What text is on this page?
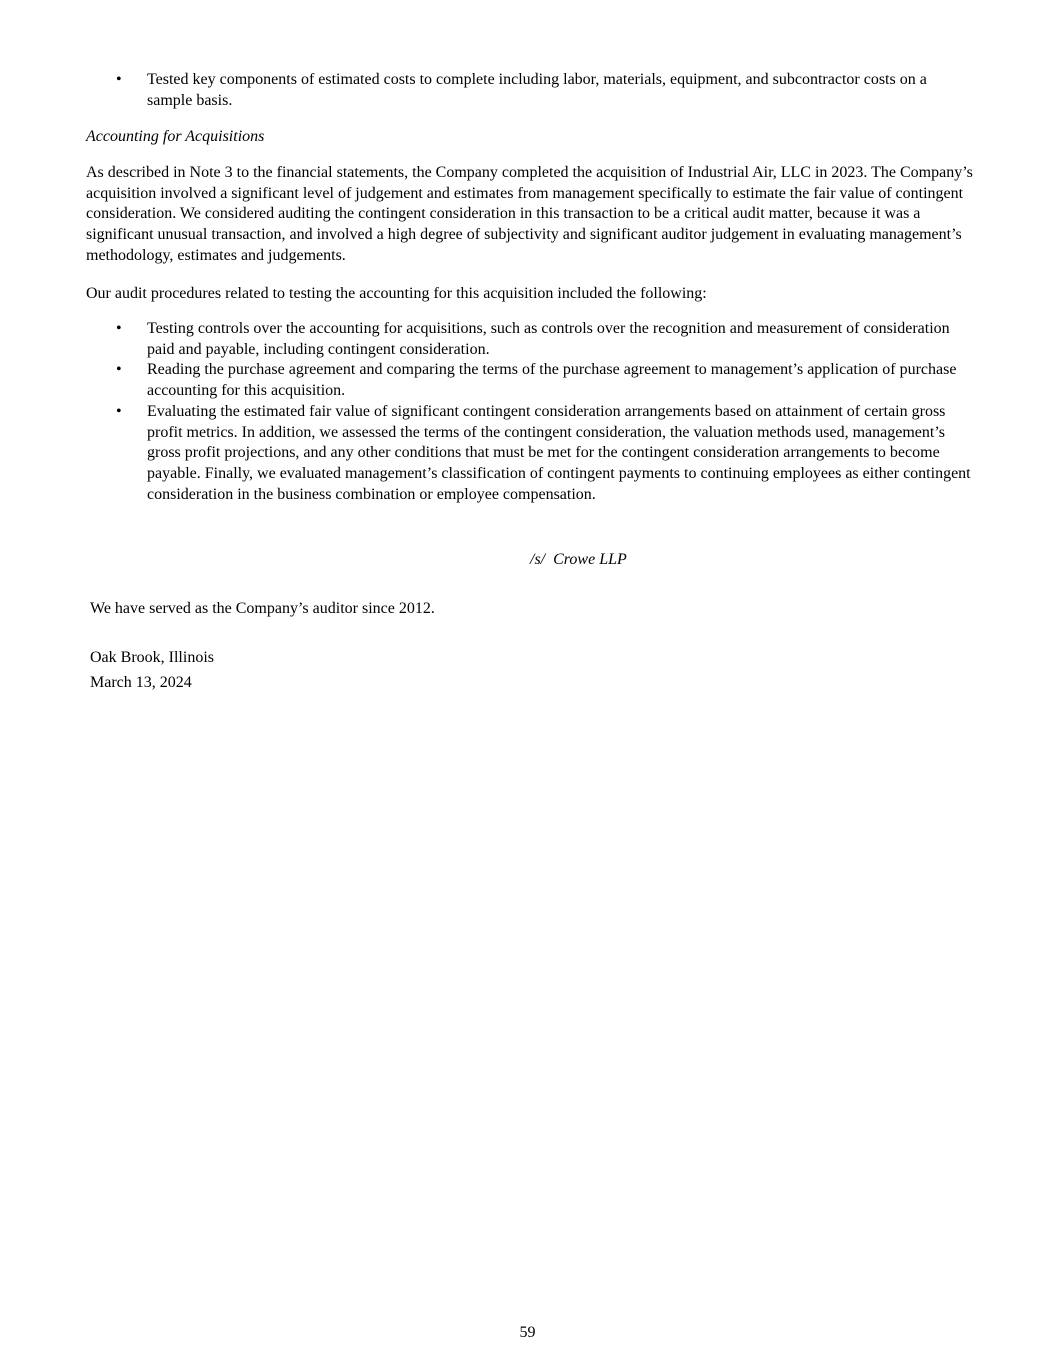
• Tested key components of estimated costs to complete including labor, materials, equipment, and subcontractor costs on a sample basis.

Accounting for Acquisitions

As described in Note 3 to the financial statements, the Company completed the acquisition of Industrial Air, LLC in 2023. The Company’s acquisition involved a significant level of judgement and estimates from management specifically to estimate the fair value of contingent consideration. We considered auditing the contingent consideration in this transaction to be a critical audit matter, because it was a significant unusual transaction, and involved a high degree of subjectivity and significant auditor judgement in evaluating management’s methodology, estimates and judgements.

Our audit procedures related to testing the accounting for this acquisition included the following:

• Testing controls over the accounting for acquisitions, such as controls over the recognition and measurement of consideration paid and payable, including contingent consideration.
• Reading the purchase agreement and comparing the terms of the purchase agreement to management’s application of purchase accounting for this acquisition.
• Evaluating the estimated fair value of significant contingent consideration arrangements based on attainment of certain gross profit metrics. In addition, we assessed the terms of the contingent consideration, the valuation methods used, management’s gross profit projections, and any other conditions that must be met for the contingent consideration arrangements to become payable. Finally, we evaluated management’s classification of contingent payments to continuing employees as either contingent consideration in the business combination or employee compensation.

/s/  Crowe LLP

We have served as the Company’s auditor since 2012.

Oak Brook, Illinois

March 13, 2024

59
